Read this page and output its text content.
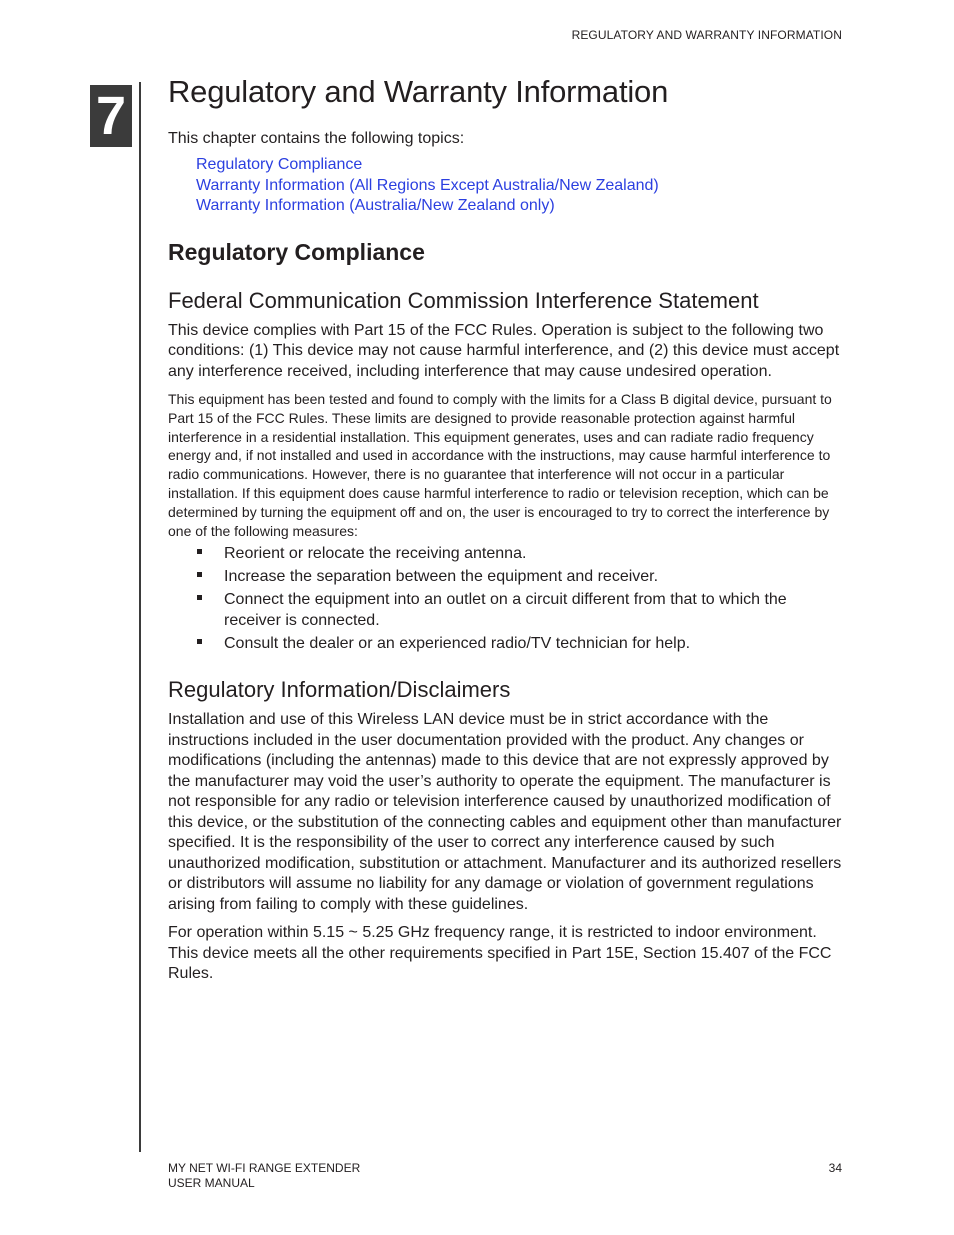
REGULATORY AND WARRANTY INFORMATION
7 Regulatory and Warranty Information

This chapter contains the following topics:

Regulatory Compliance
Warranty Information (All Regions Except Australia/New Zealand)
Warranty Information (Australia/New Zealand only)
Regulatory Compliance
Federal Communication Commission Interference Statement

This device complies with Part 15 of the FCC Rules. Operation is subject to the following two conditions: (1) This device may not cause harmful interference, and (2) this device must accept any interference received, including interference that may cause undesired operation.

This equipment has been tested and found to comply with the limits for a Class B digital device, pursuant to Part 15 of the FCC Rules. These limits are designed to provide reasonable protection against harmful interference in a residential installation. This equipment generates, uses and can radiate radio frequency energy and, if not installed and used in accordance with the instructions, may cause harmful interference to radio communications. However, there is no guarantee that interference will not occur in a particular installation. If this equipment does cause harmful interference to radio or television reception, which can be determined by turning the equipment off and on, the user is encouraged to try to correct the interference by one of the following measures:

Reorient or relocate the receiving antenna.
Increase the separation between the equipment and receiver.
Connect the equipment into an outlet on a circuit different from that to which the receiver is connected.
Consult the dealer or an experienced radio/TV technician for help.
Regulatory Information/Disclaimers

Installation and use of this Wireless LAN device must be in strict accordance with the instructions included in the user documentation provided with the product. Any changes or modifications (including the antennas) made to this device that are not expressly approved by the manufacturer may void the user’s authority to operate the equipment. The manufacturer is not responsible for any radio or television interference caused by unauthorized modification of this device, or the substitution of the connecting cables and equipment other than manufacturer specified. It is the responsibility of the user to correct any interference caused by such unauthorized modification, substitution or attachment. Manufacturer and its authorized resellers or distributors will assume no liability for any damage or violation of government regulations arising from failing to comply with these guidelines.

For operation within 5.15 ~ 5.25 GHz frequency range, it is restricted to indoor environment. This device meets all the other requirements specified in Part 15E, Section 15.407 of the FCC Rules.

MY NET WI-FI RANGE EXTENDER
USER MANUAL
34
